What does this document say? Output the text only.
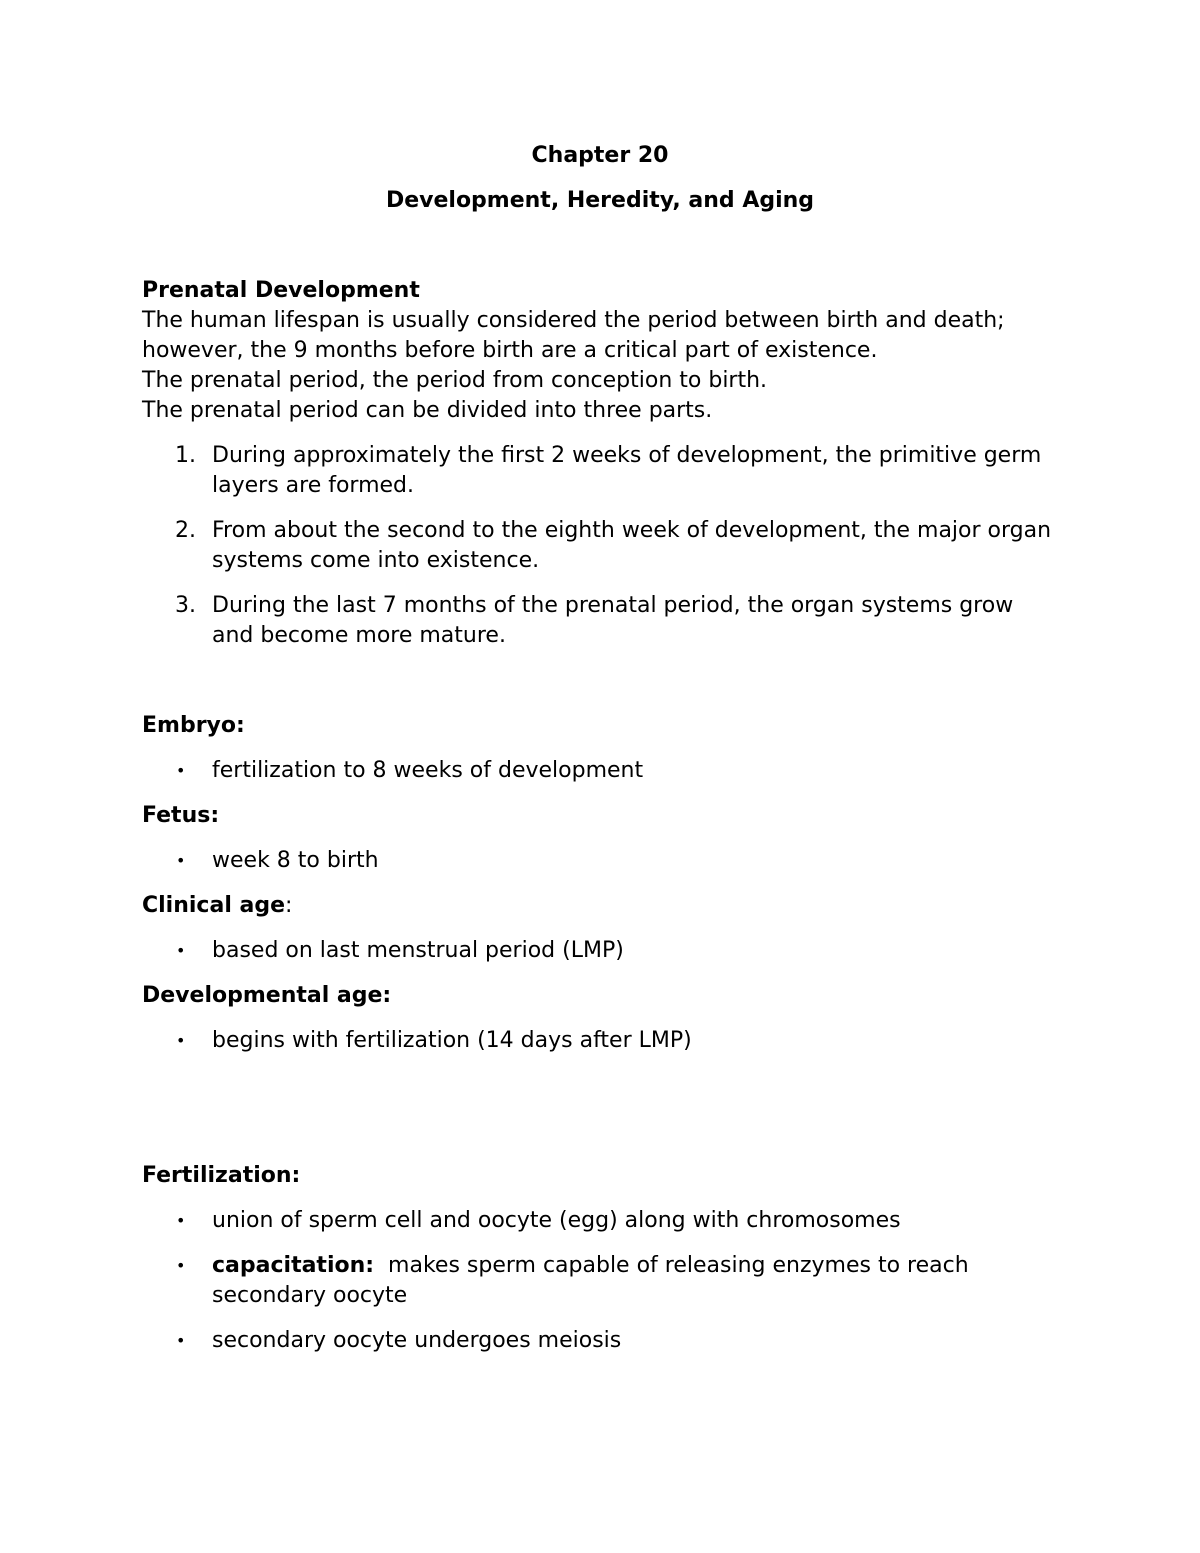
Chapter 20
Development, Heredity, and Aging
Prenatal Development

The human lifespan is usually considered the period between birth and death; however, the 9 months before birth are a critical part of existence.

The prenatal period, the period from conception to birth.

The prenatal period can be divided into three parts.

1. During approximately the first 2 weeks of development, the primitive germ layers are formed.
2. From about the second to the eighth week of development, the major organ systems come into existence.
3. During the last 7 months of the prenatal period, the organ systems grow and become more mature.
Embryo:
• fertilization to 8 weeks of development
Fetus:
• week 8 to birth
Clinical age:
• based on last menstrual period (LMP)
Developmental age:
• begins with fertilization (14 days after LMP)
Fertilization:
• union of sperm cell and oocyte (egg) along with chromosomes
• capacitation:  makes sperm capable of releasing enzymes to reach secondary oocyte
• secondary oocyte undergoes meiosis
